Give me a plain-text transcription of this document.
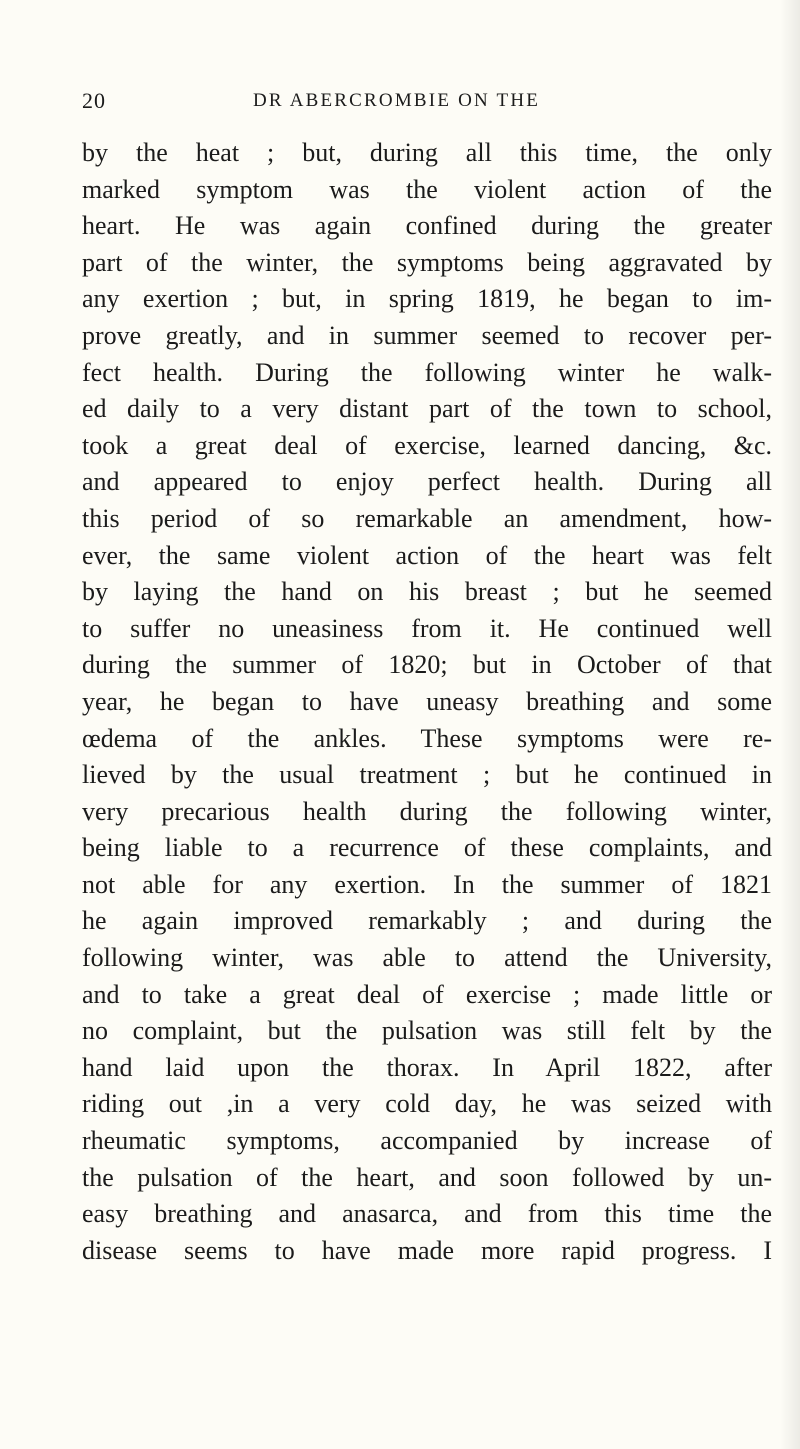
20	DR ABERCROMBIE ON THE
by the heat ; but, during all this time, the only
marked symptom was the violent action of the
heart. He was again confined during the greater
part of the winter, the symptoms being aggravated by
any exertion ; but, in spring 1819, he began to im-
prove greatly, and in summer seemed to recover per-
fect health. During the following winter he walk-
ed daily to a very distant part of the town to school,
took a great deal of exercise, learned dancing, &c.
and appeared to enjoy perfect health. During all
this period of so remarkable an amendment, how-
ever, the same violent action of the heart was felt
by laying the hand on his breast ; but he seemed
to suffer no uneasiness from it. He continued well
during the summer of 1820; but in October of that
year, he began to have uneasy breathing and some
œdema of the ankles. These symptoms were re-
lieved by the usual treatment ; but he continued in
very precarious health during the following winter,
being liable to a recurrence of these complaints, and
not able for any exertion. In the summer of 1821
he again improved remarkably ; and during the
following winter, was able to attend the University,
and to take a great deal of exercise ; made little or
no complaint, but the pulsation was still felt by the
hand laid upon the thorax. In April 1822, after
riding out ,in a very cold day, he was seized with
rheumatic symptoms, accompanied by increase of
the pulsation of the heart, and soon followed by un-
easy breathing and anasarca, and from this time the
disease seems to have made more rapid progress. I
